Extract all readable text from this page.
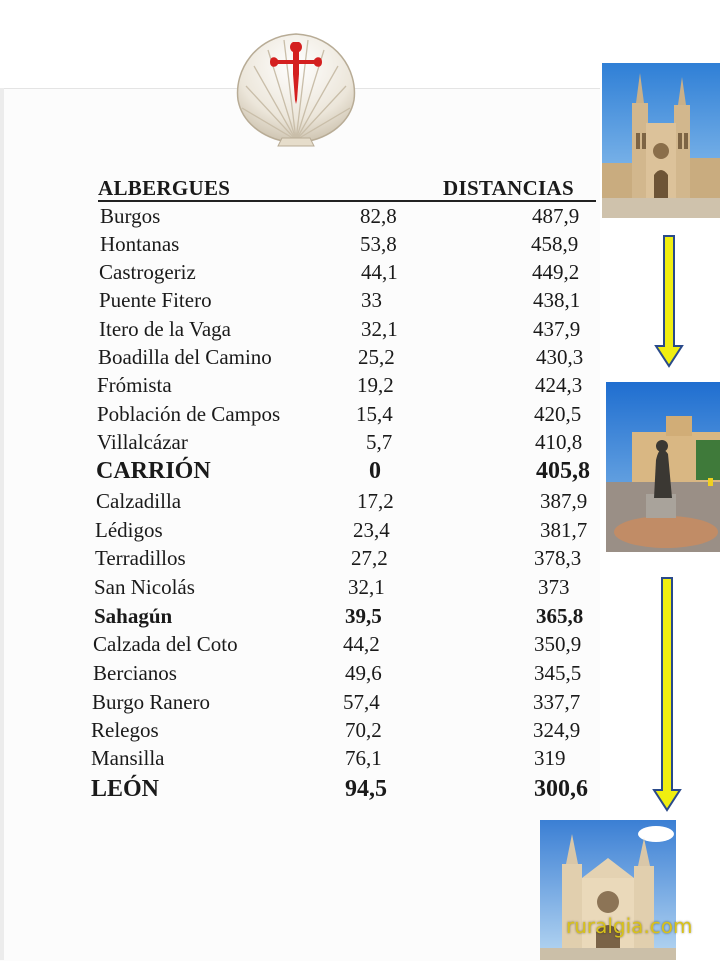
ALBERGUES	DISTANCIAS
Burgos	82,8	487,9
Hontanas	53,8	458,9
Castrogeriz	44,1	449,2
Puente Fitero	33	438,1
Itero de la Vaga	32,1	437,9
Boadilla del Camino	25,2	430,3
Frómista	19,2	424,3
Población de Campos	15,4	420,5
Villalcázar	5,7	410,8
CARRIÓN	0	405,8
Calzadilla	17,2	387,9
Lédigos	23,4	381,7
Terradillos	27,2	378,3
San Nicolás	32,1	373
Sahagún	39,5	365,8
Calzada del Coto	44,2	350,9
Bercianos	49,6	345,5
Burgo Ranero	57,4	337,7
Relegos	70,2	324,9
Mansilla	76,1	319
LEÓN	94,5	300,6
ruralgia.com
